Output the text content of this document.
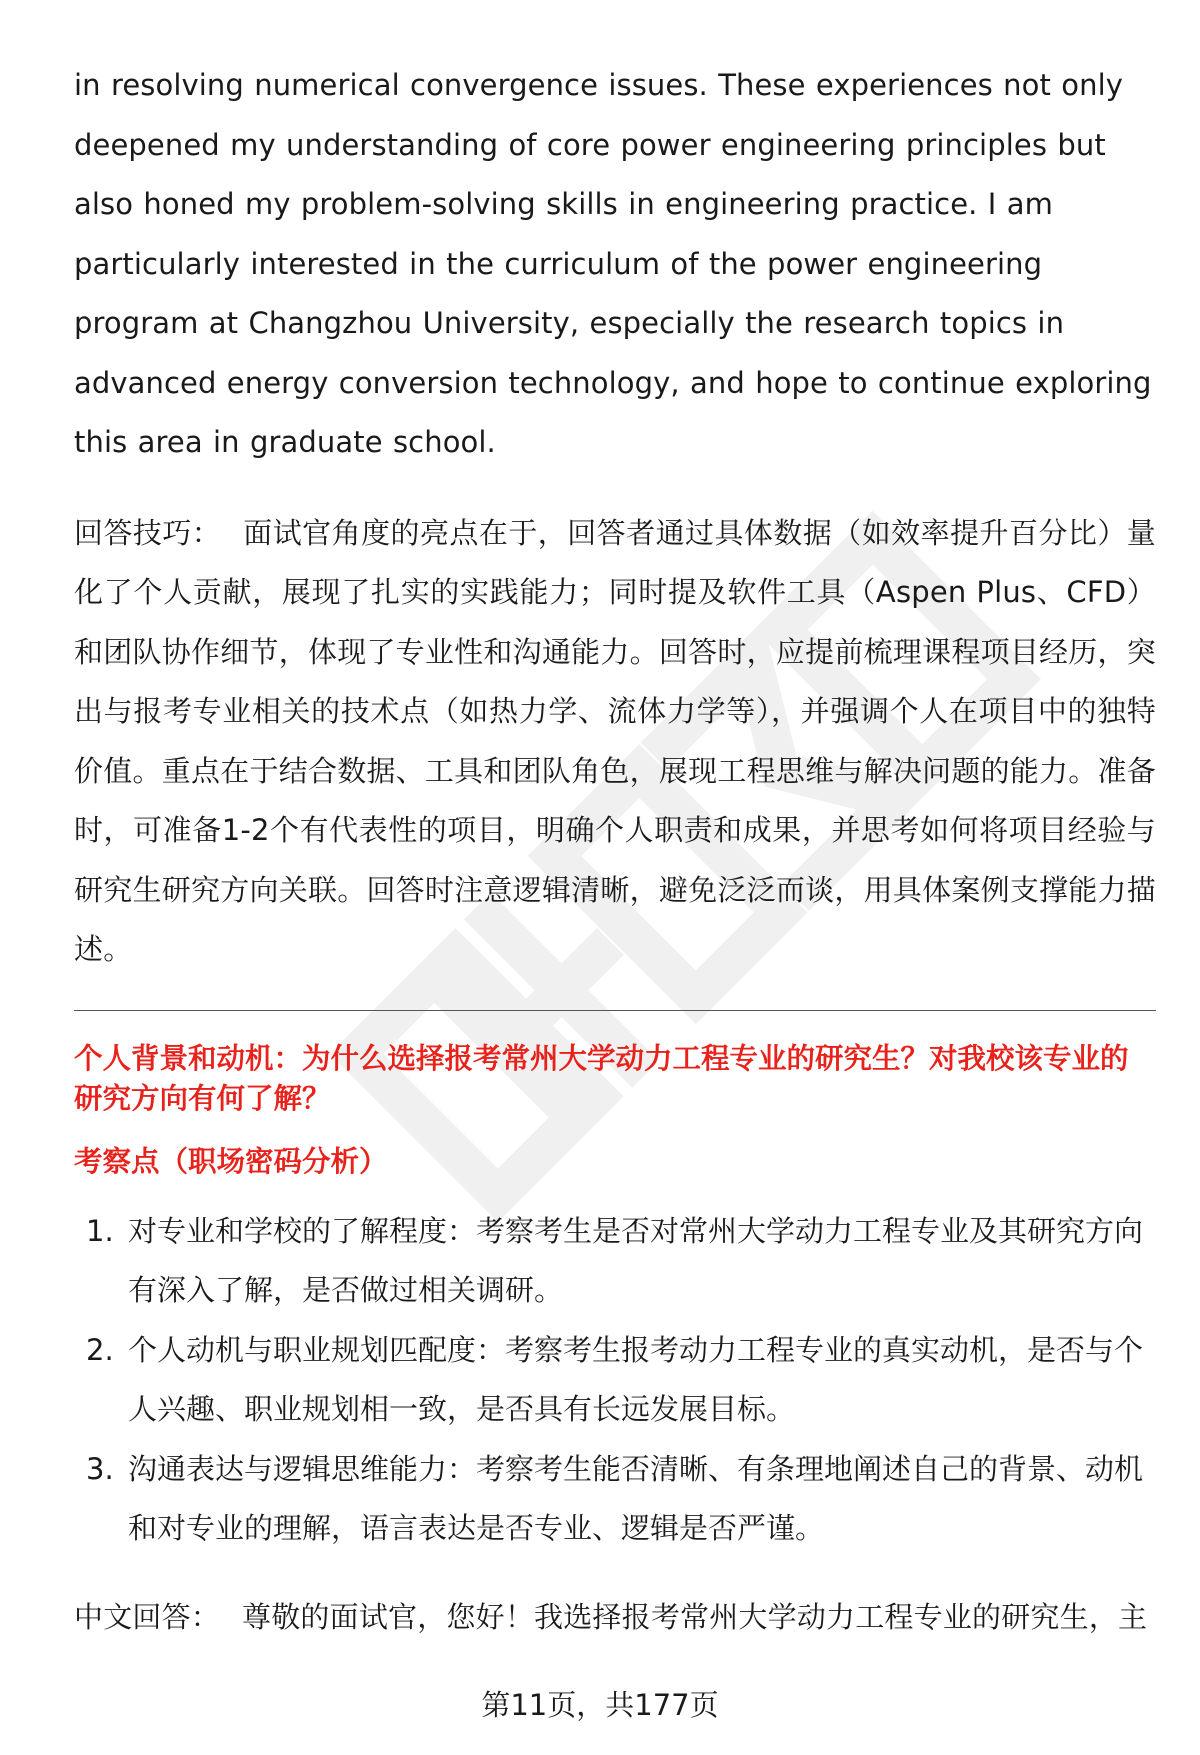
in resolving numerical convergence issues. These experiences not only deepened my understanding of core power engineering principles but also honed my problem-solving skills in engineering practice. I am particularly interested in the curriculum of the power engineering program at Changzhou University, especially the research topics in advanced energy conversion technology, and hope to continue exploring this area in graduate school.

回答技巧： 面试官角度的亮点在于，回答者通过具体数据（如效率提升百分比）量化了个人贡献，展现了扎实的实践能力；同时提及软件工具（Aspen Plus、CFD）和团队协作细节，体现了专业性和沟通能力。回答时，应提前梳理课程项目经历，突出与报考专业相关的技术点（如热力学、流体力学等），并强调个人在项目中的独特价值。重点在于结合数据、工具和团队角色，展现工程思维与解决问题的能力。准备时，可准备1-2个有代表性的项目，明确个人职责和成果，并思考如何将项目经验与研究生研究方向关联。回答时注意逻辑清晰，避免泛泛而谈，用具体案例支撑能力描述。

个人背景和动机：为什么选择报考常州大学动力工程专业的研究生？对我校该专业的研究方向有何了解？
考察点（职场密码分析）
1. 对专业和学校的了解程度：考察考生是否对常州大学动力工程专业及其研究方向有深入了解，是否做过相关调研。
2. 个人动机与职业规划匹配度：考察考生报考动力工程专业的真实动机，是否与个人兴趣、职业规划相一致，是否具有长远发展目标。
3. 沟通表达与逻辑思维能力：考察考生能否清晰、有条理地阐述自己的背景、动机和对专业的理解，语言表达是否专业、逻辑是否严谨。

中文回答： 尊敬的面试官，您好！我选择报考常州大学动力工程专业的研究生，主

第11页，共177页
